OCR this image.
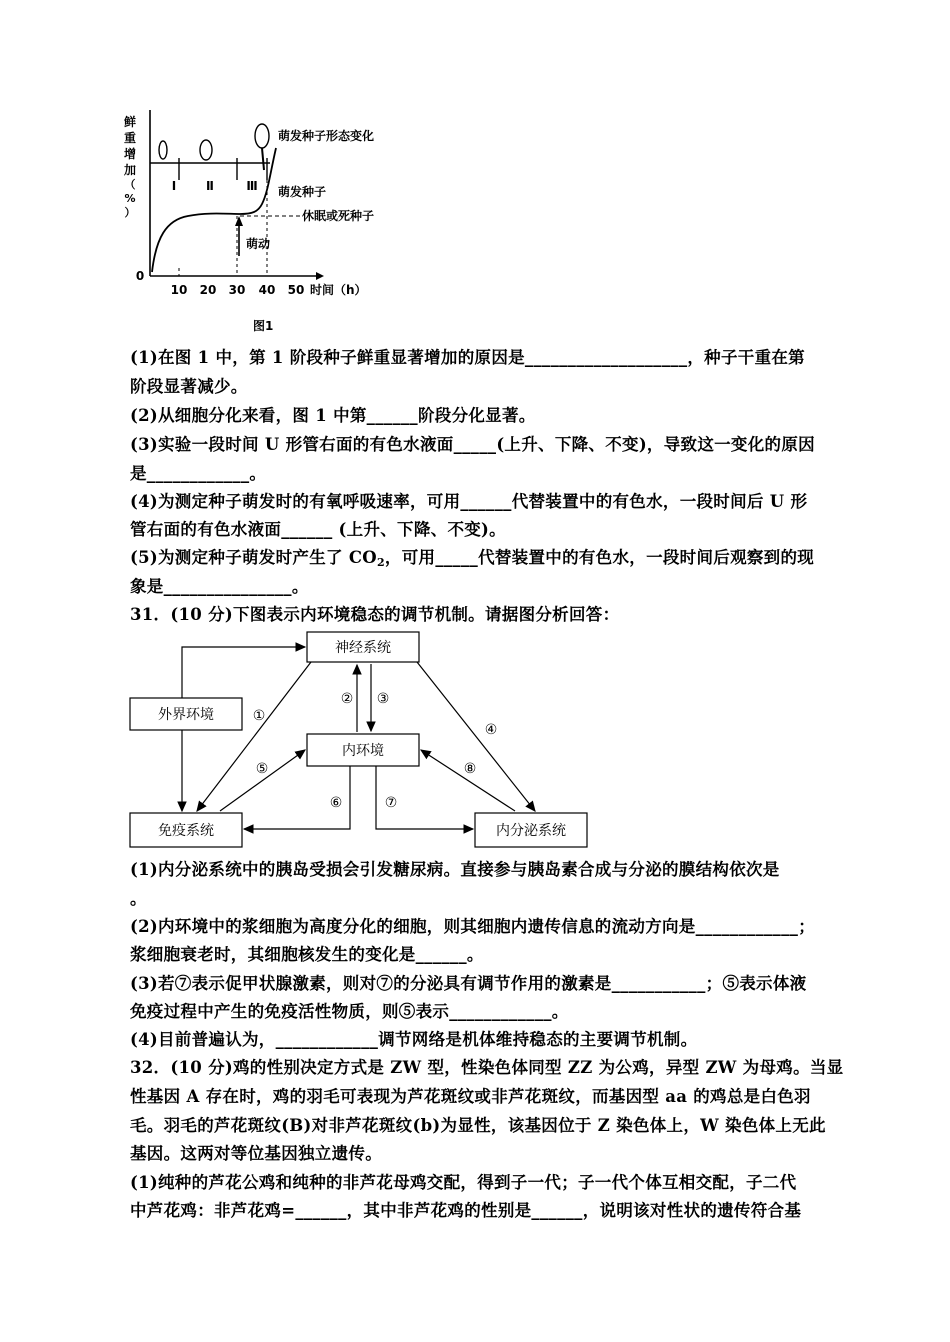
鲜
重
增
加
（
%
）
0
10 20 30 40 50 时间（h）
Ⅰ Ⅱ	Ⅲ
萌发种子形态变化
休眠或死种子
萌发种子
萌动
图1
(1)在图 1 中，第 1 阶段种子鲜重显著增加的原因是___________________，种子干重在第
阶段显著减少。
(2)从细胞分化来看，图 1 中第______阶段分化显著。
(3)实验一段时间 U 形管右面的有色水液面_____(上升、下降、不变)，导致这一变化的原因
是____________。
(4)为测定种子萌发时的有氧呼吸速率，可用______代替装置中的有色水，一段时间后 U 形
管右面的有色水液面______ (上升、下降、不变)。
(5)为测定种子萌发时产生了 $CO_2$，可用_____代替装置中的有色水，一段时间后观察到的现
象是_______________。
31．(10 分)下图表示内环境稳态的调节机制。请据图分析回答：
神经系统
外界环境
内环境
免疫系统	内分泌系统
①
② ③
④
⑤	⑧
⑥	⑦
(1)内分泌系统中的胰岛受损会引发糖尿病。直接参与胰岛素合成与分泌的膜结构依次是
。
(2)内环境中的浆细胞为高度分化的细胞，则其细胞内遗传信息的流动方向是____________；
浆细胞衰老时，其细胞核发生的变化是______。
(3)若⑦表示促甲状腺激素，则对⑦的分泌具有调节作用的激素是___________；⑤表示体液
免疫过程中产生的免疫活性物质，则⑤表示____________。
(4)目前普遍认为，____________调节网络是机体维持稳态的主要调节机制。
32．(10 分)鸡的性别决定方式是 ZW 型，性染色体同型 ZZ 为公鸡，异型 ZW 为母鸡。当显
性基因 A 存在时，鸡的羽毛可表现为芦花斑纹或非芦花斑纹，而基因型 aa 的鸡总是白色羽
毛。羽毛的芦花斑纹(B)对非芦花斑纹(b)为显性，该基因位于 Z 染色体上，W 染色体上无此
基因。这两对等位基因独立遗传。
(1)纯种的芦花公鸡和纯种的非芦花母鸡交配，得到子一代；子一代个体互相交配，子二代
中芦花鸡：非芦花鸡=______，其中非芦花鸡的性别是______，说明该对性状的遗传符合基
